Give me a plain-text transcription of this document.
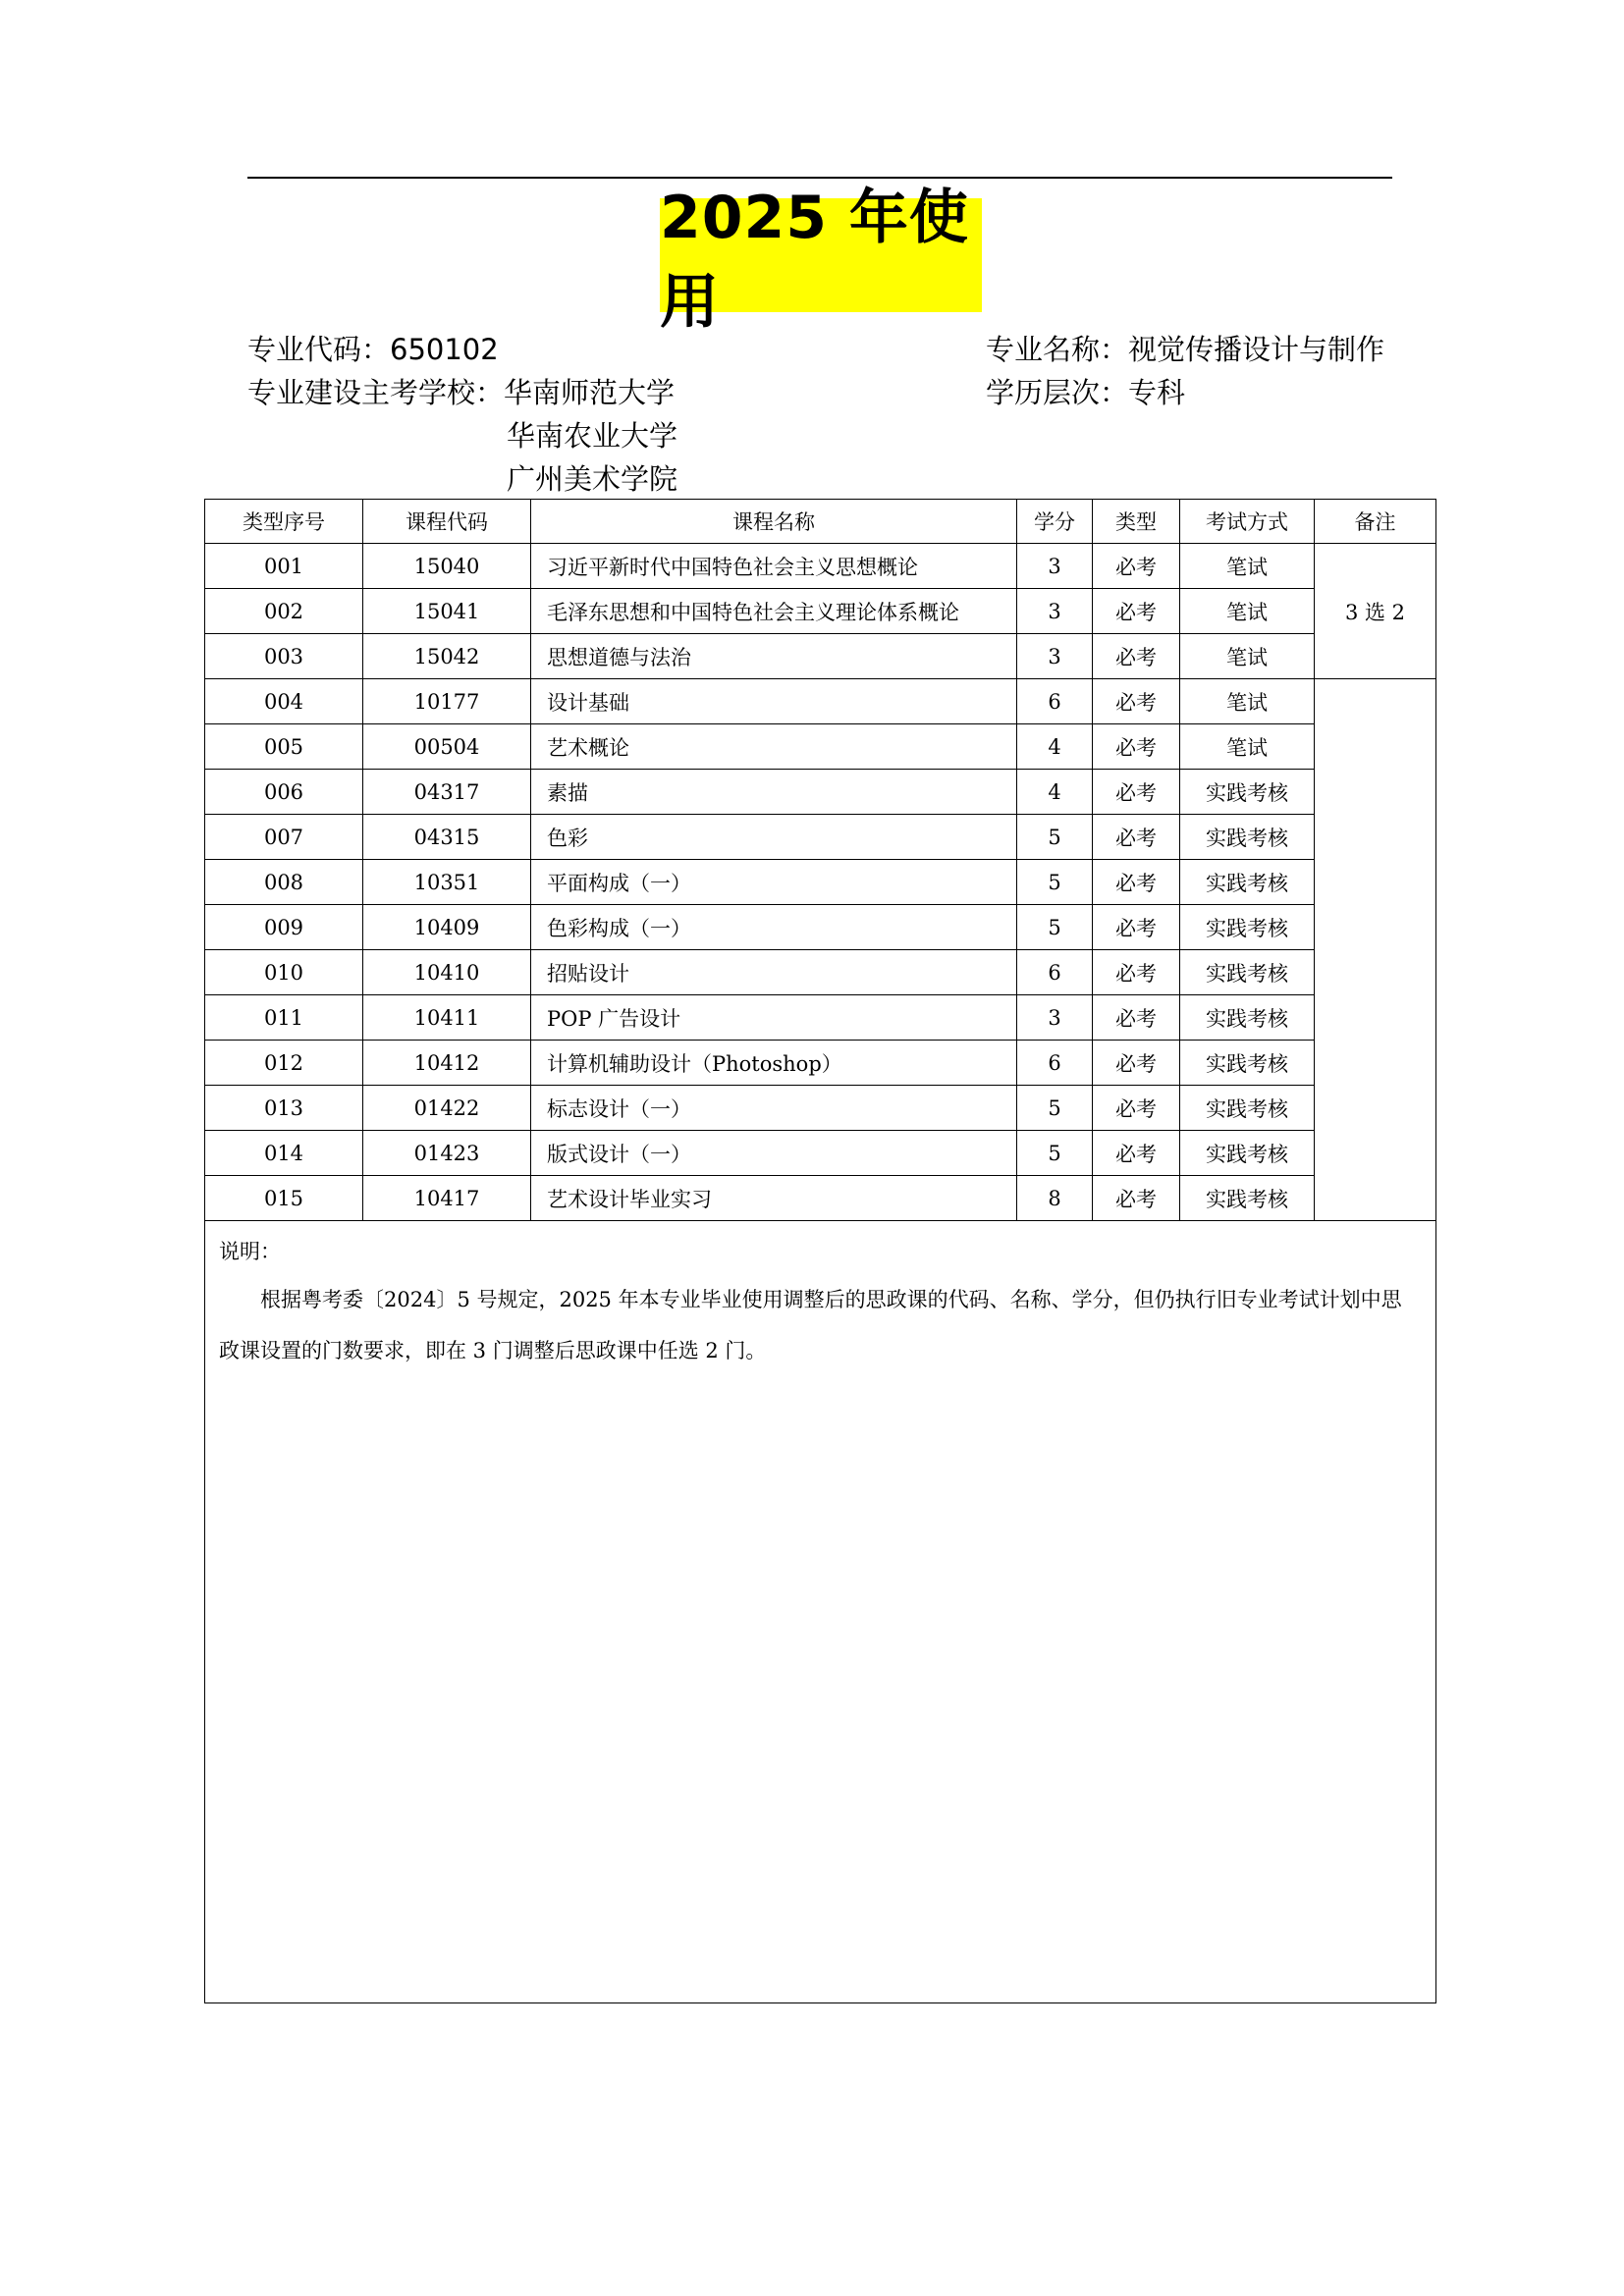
2025 年使用
专业代码：650102
专业建设主考学校：华南师范大学
华南农业大学
广州美术学院
专业名称：视觉传播设计与制作
学历层次：专科
类型序号	课程代码	课程名称	学分	类型	考试方式	备注
001	15040	习近平新时代中国特色社会主义思想概论	3	必考	笔试	3 选 2
002	15041	毛泽东思想和中国特色社会主义理论体系概论	3	必考	笔试	
003	15042	思想道德与法治	3	必考	笔试	
004	10177	设计基础	6	必考	笔试	
005	00504	艺术概论	4	必考	笔试	
006	04317	素描	4	必考	实践考核	
007	04315	色彩	5	必考	实践考核	
008	10351	平面构成（一）	5	必考	实践考核	
009	10409	色彩构成（一）	5	必考	实践考核	
010	10410	招贴设计	6	必考	实践考核	
011	10411	POP 广告设计	3	必考	实践考核	
012	10412	计算机辅助设计（Photoshop）	6	必考	实践考核	
013	01422	标志设计（一）	5	必考	实践考核	
014	01423	版式设计（一）	5	必考	实践考核	
015	10417	艺术设计毕业实习	8	必考	实践考核	

说明：
根据粤考委〔2024〕5 号规定，2025 年本专业毕业使用调整后的思政课的代码、名称、学分，但仍执行旧专业考试计划中思政课设置的门数要求，即在 3 门调整后思政课中任选 2 门。						
